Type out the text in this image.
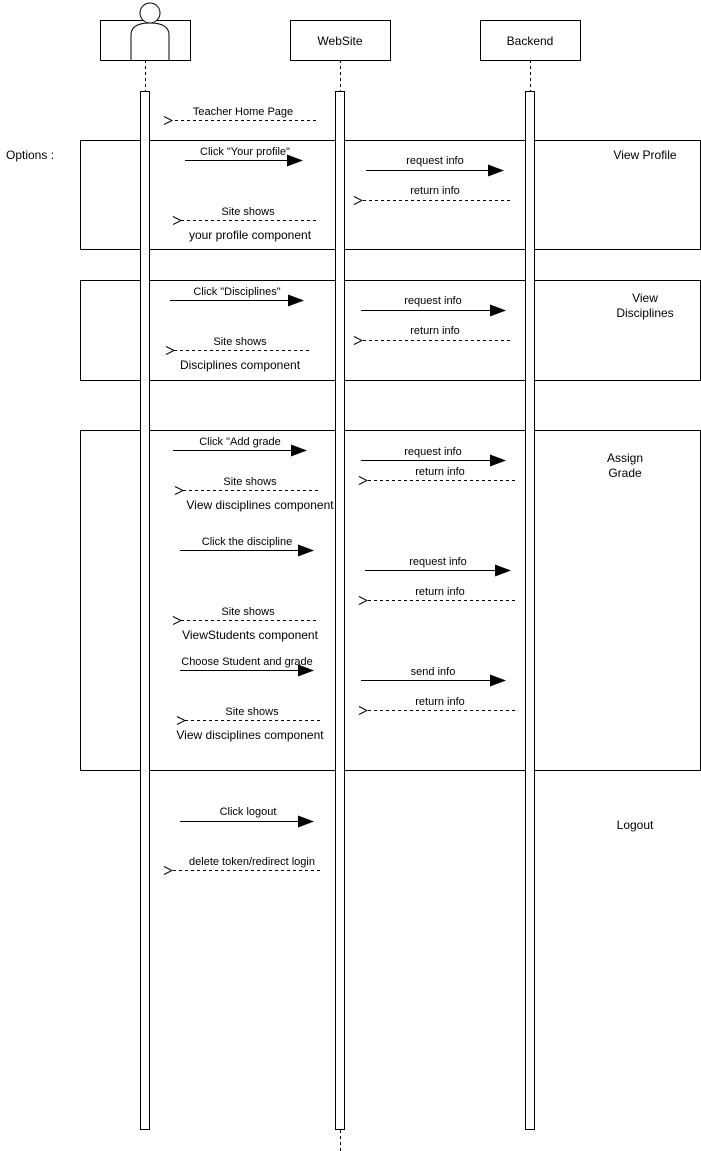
WebSite	Backend
Options :
Teacher Home Page
View Profile
Click "Your profile"
request info
return info
Site shows
your profile component
View
Disciplines
Click "Disciplines"
request info
return info
Site shows
Disciplines component
Assign
Grade
Click "Add grade
request info
return info
Site shows
View disciplines component
Click the discipline
request info
return info
Site shows
ViewStudents component
Choose Student and grade
send info
return info
Site shows
View disciplines component
Logout
Click logout
delete token/redirect login
